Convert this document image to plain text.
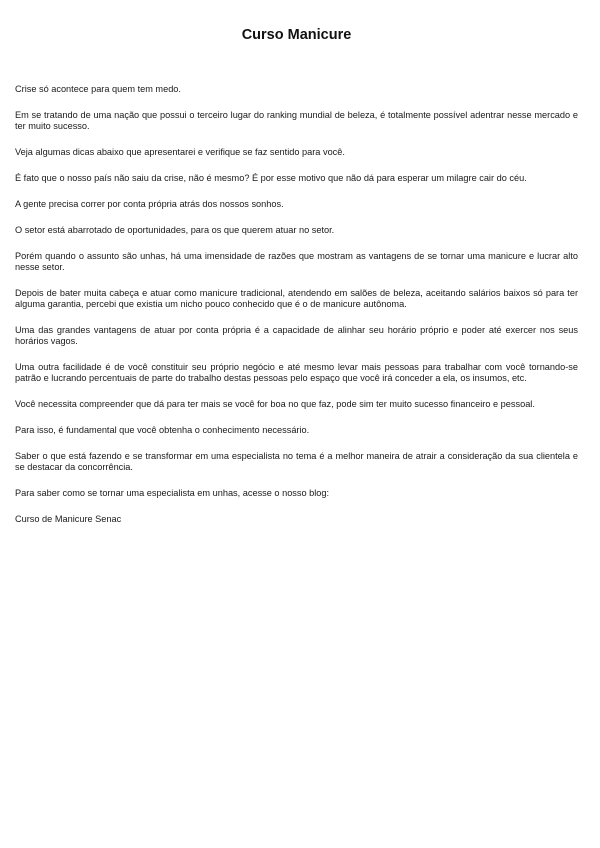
Curso Manicure

Crise só acontece para quem tem medo.

Em se tratando de uma nação que possui o terceiro lugar do ranking mundial de beleza, é totalmente possível adentrar nesse mercado e ter muito sucesso.

Veja algumas dicas abaixo que apresentarei e verifique se faz sentido para você.

É fato que o nosso país não saiu da crise, não é mesmo? É por esse motivo que não dá para esperar um milagre cair do céu.

A gente precisa correr por conta própria atrás dos nossos sonhos.

O setor está abarrotado de oportunidades, para os que querem atuar no setor.

Porém quando o assunto são unhas, há uma imensidade de razões que mostram as vantagens de se tornar uma manicure e lucrar alto nesse setor.

Depois de bater muita cabeça e atuar como manicure tradicional, atendendo em salões de beleza, aceitando salários baixos só para ter alguma garantia, percebi que existia um nicho pouco conhecido que é o de manicure autônoma.

Uma das grandes vantagens de atuar por conta própria é a capacidade de alinhar seu horário próprio e poder até exercer nos seus horários vagos.

Uma outra facilidade é de você constituir seu próprio negócio e até mesmo levar mais pessoas para trabalhar com você tornando-se patrão e lucrando percentuais de parte do trabalho destas pessoas pelo espaço que você irá conceder a ela, os insumos, etc.

Você necessita compreender que dá para ter mais se você for boa no que faz, pode sim ter muito sucesso financeiro e pessoal.

Para isso, é fundamental que você obtenha o conhecimento necessário.

Saber o que está fazendo e se transformar em uma especialista no tema é a melhor maneira de atrair a consideração da sua clientela e se destacar da concorrência.

Para saber como se tornar uma especialista em unhas, acesse o nosso blog:

Curso de Manicure Senac
